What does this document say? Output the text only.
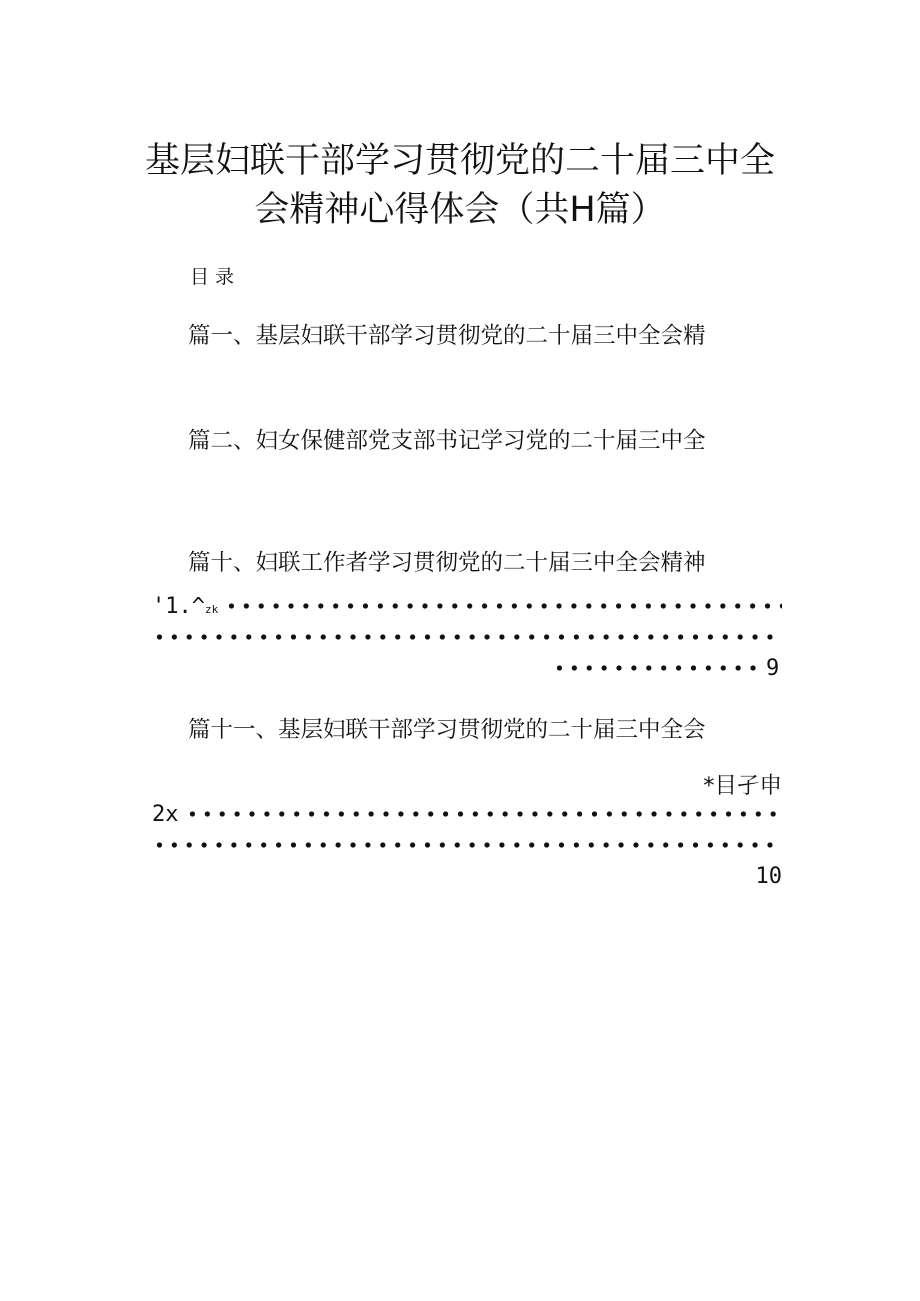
基层妇联干部学习贯彻党的二十届三中全
会精神心得体会（共H篇）
目录
篇一、基层妇联干部学习贯彻党的二十届三中全会精
篇二、妇女保健部党支部书记学习党的二十届三中全
篇十、妇联工作者学习贯彻党的二十届三中全会精神
'1.^zk
9
篇十一、基层妇联干部学习贯彻党的二十届三中全会
*目孑申
2x
10
